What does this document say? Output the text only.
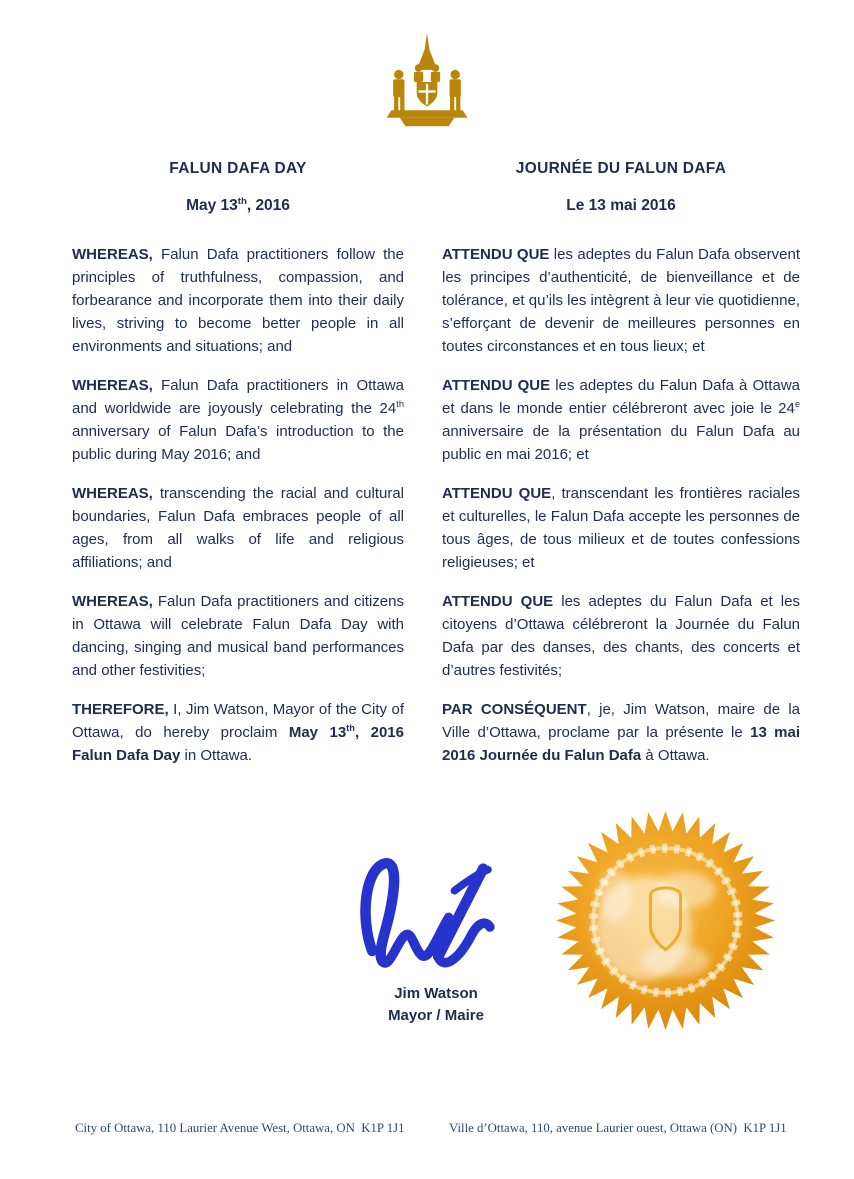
FALUN DAFA DAY
May 13th, 2016

WHEREAS, Falun Dafa practitioners follow the principles of truthfulness, compassion, and forbearance and incorporate them into their daily lives, striving to become better people in all environments and situations; and

WHEREAS, Falun Dafa practitioners in Ottawa and worldwide are joyously celebrating the 24th anniversary of Falun Dafa’s introduction to the public during May 2016; and

WHEREAS, transcending the racial and cultural boundaries, Falun Dafa embraces people of all ages, from all walks of life and religious affiliations; and

WHEREAS, Falun Dafa practitioners and citizens in Ottawa will celebrate Falun Dafa Day with dancing, singing and musical band performances and other festivities;

THEREFORE, I, Jim Watson, Mayor of the City of Ottawa, do hereby proclaim May 13th, 2016 Falun Dafa Day in Ottawa.

JOURNÉE DU FALUN DAFA
Le 13 mai 2016

ATTENDU QUE les adeptes du Falun Dafa observent les principes d’authenticité, de bienveillance et de tolérance, et qu’ils les intègrent à leur vie quotidienne, s’efforçant de devenir de meilleures personnes en toutes circonstances et en tous lieux; et

ATTENDU QUE les adeptes du Falun Dafa à Ottawa et dans le monde entier célébreront avec joie le 24e anniversaire de la présentation du Falun Dafa au public en mai 2016; et

ATTENDU QUE, transcendant les frontières raciales et culturelles, le Falun Dafa accepte les personnes de tous âges, de tous milieux et de toutes confessions religieuses; et

ATTENDU QUE les adeptes du Falun Dafa et les citoyens d’Ottawa célébreront la Journée du Falun Dafa par des danses, des chants, des concerts et d’autres festivités;

PAR CONSÉQUENT, je, Jim Watson, maire de la Ville d’Ottawa, proclame par la présente le 13 mai 2016 Journée du Falun Dafa à Ottawa.

Jim Watson
Mayor / Maire
City of Ottawa, 110 Laurier Avenue West, Ottawa, ON  K1P 1J1	Ville d’Ottawa, 110, avenue Laurier ouest, Ottawa (ON)  K1P 1J1
